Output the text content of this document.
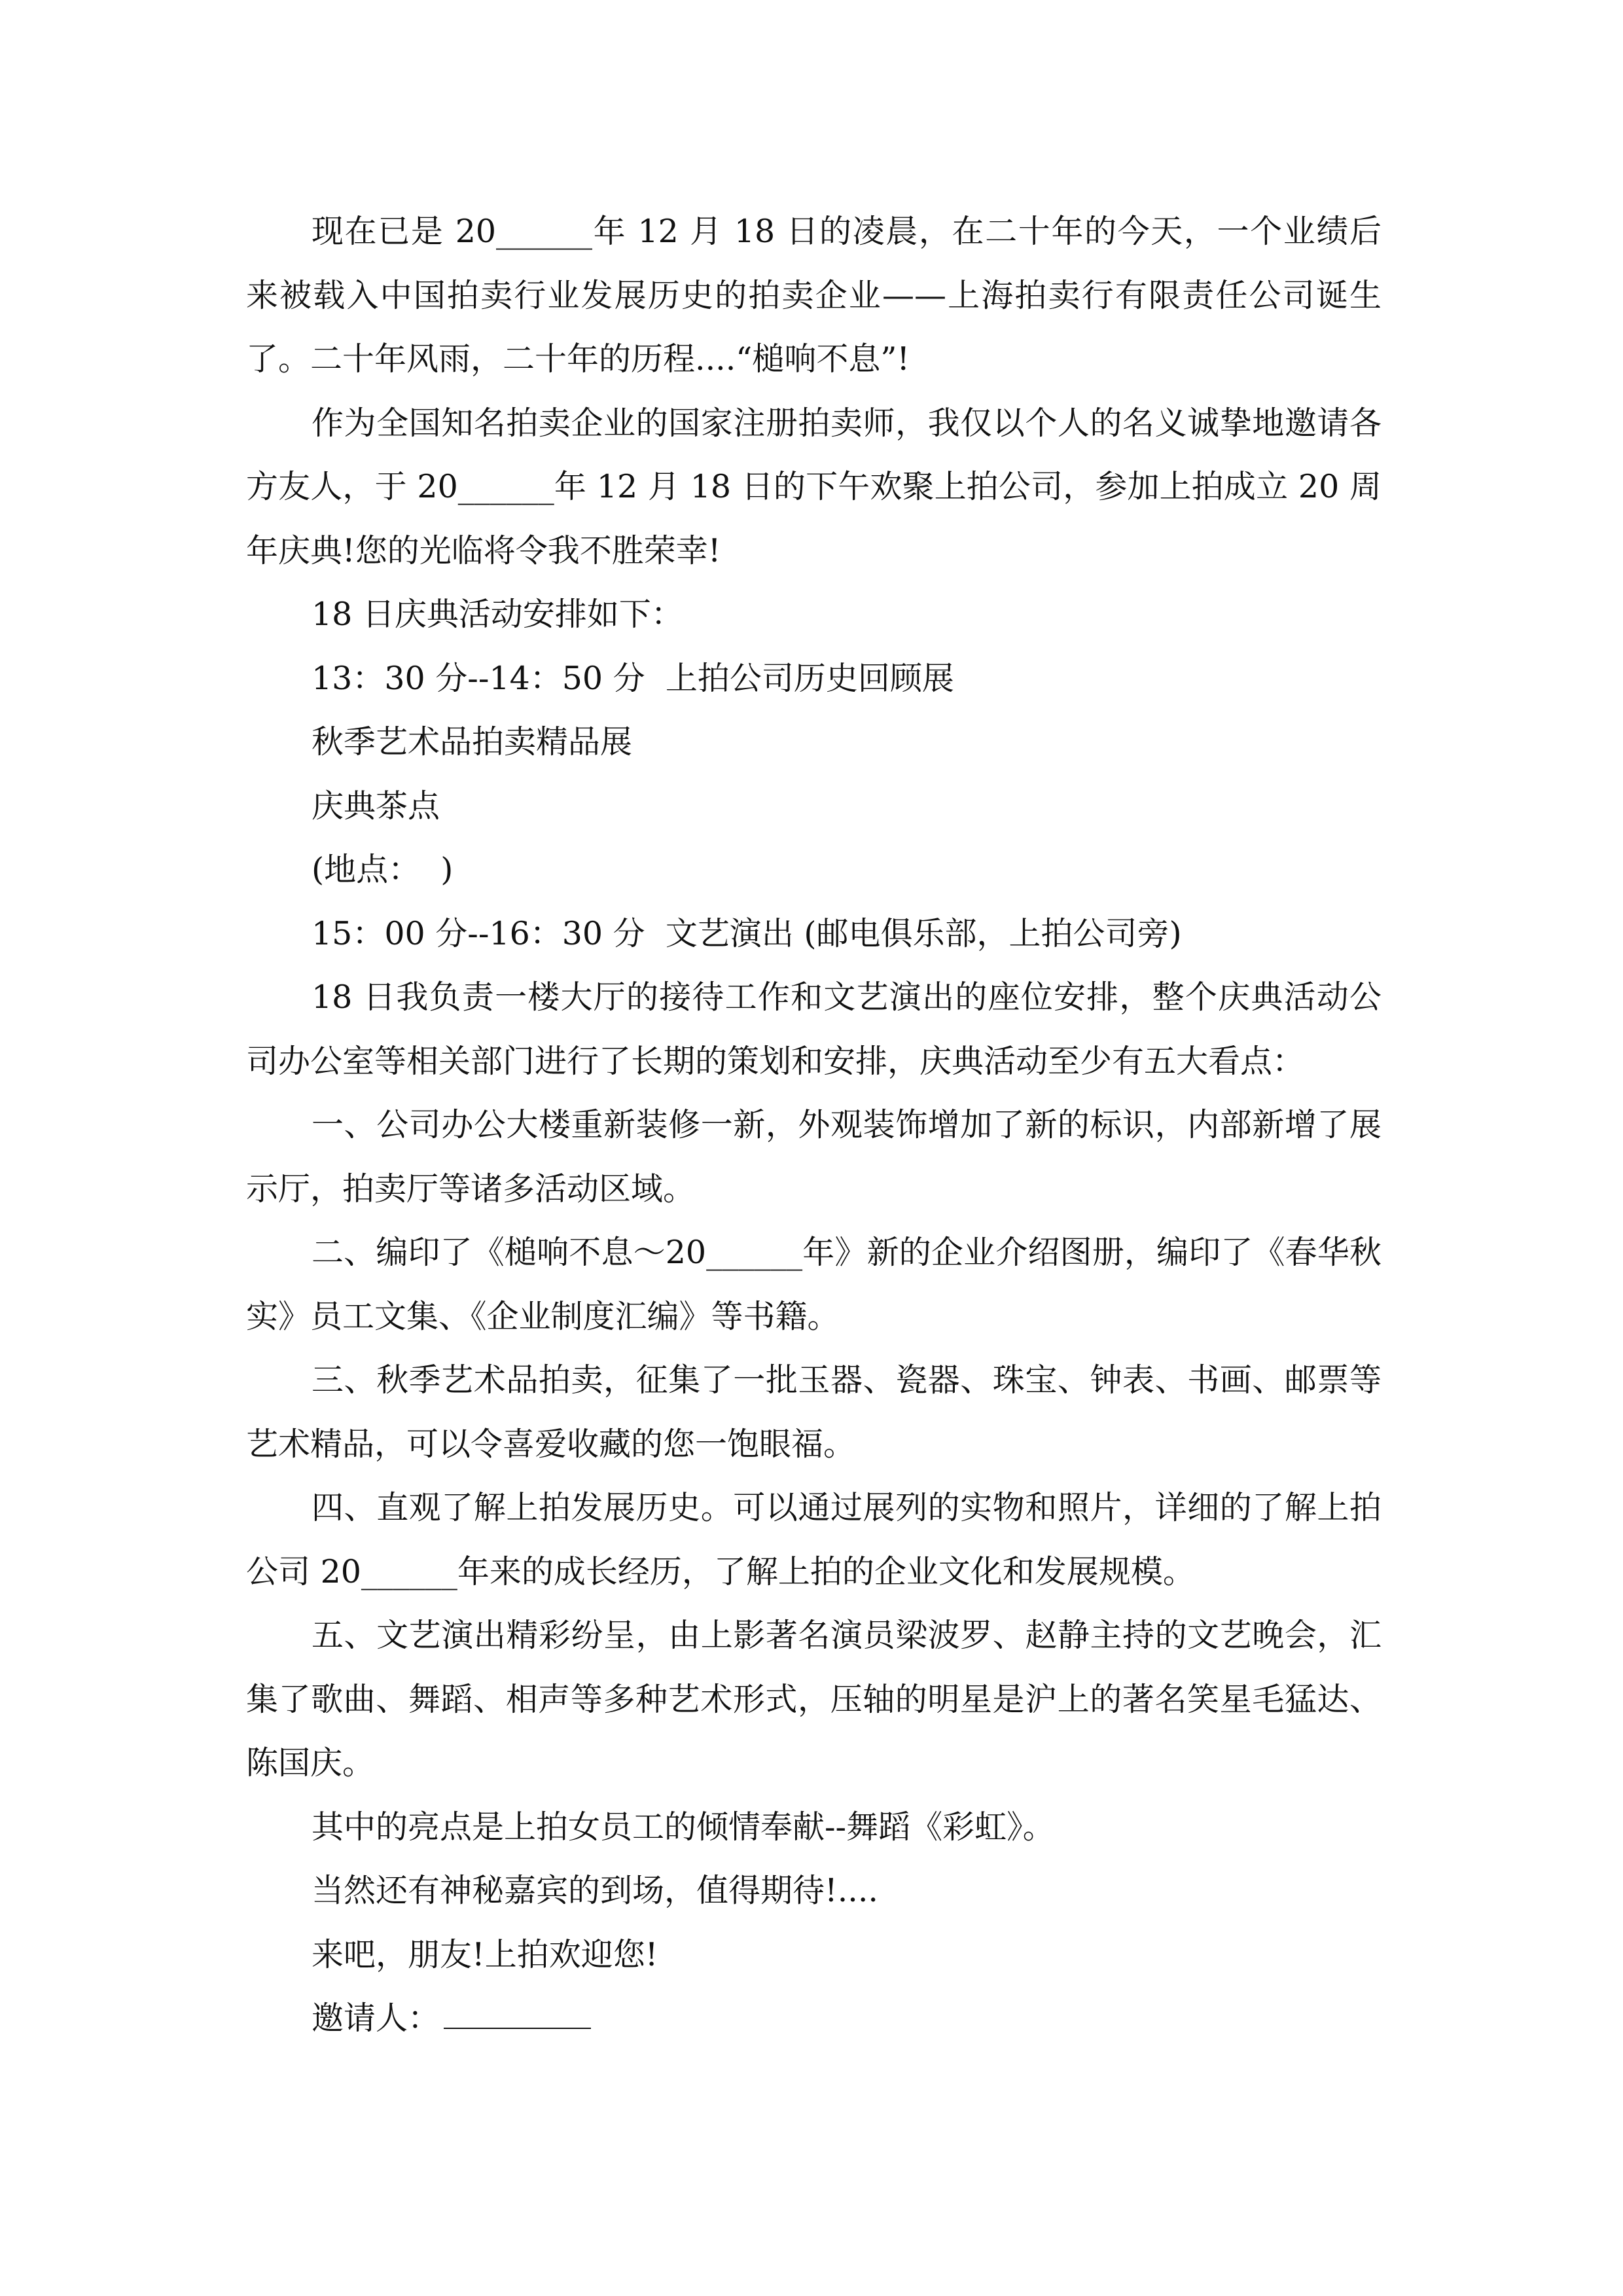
现在已是 20______年 12 月 18 日的凌晨，在二十年的今天，一个业绩后来被载入中国拍卖行业发展历史的拍卖企业——上海拍卖行有限责任公司诞生了。二十年风雨，二十年的历程....“槌响不息”!

作为全国知名拍卖企业的国家注册拍卖师，我仅以个人的名义诚挚地邀请各方友人，于 20______年 12 月 18 日的下午欢聚上拍公司，参加上拍成立 20 周年庆典!您的光临将令我不胜荣幸!

18 日庆典活动安排如下：

13：30 分--14：50 分  上拍公司历史回顾展

秋季艺术品拍卖精品展

庆典茶点

(地点：  )

15：00 分--16：30 分  文艺演出 (邮电俱乐部，上拍公司旁)

18 日我负责一楼大厅的接待工作和文艺演出的座位安排，整个庆典活动公司办公室等相关部门进行了长期的策划和安排，庆典活动至少有五大看点：

一、公司办公大楼重新装修一新，外观装饰增加了新的标识，内部新增了展示厅，拍卖厅等诸多活动区域。

二、编印了《槌响不息～20______年》新的企业介绍图册，编印了《春华秋实》员工文集、《企业制度汇编》等书籍。

三、秋季艺术品拍卖，征集了一批玉器、瓷器、珠宝、钟表、书画、邮票等艺术精品，可以令喜爱收藏的您一饱眼福。

四、直观了解上拍发展历史。可以通过展列的实物和照片，详细的了解上拍公司 20______年来的成长经历，了解上拍的企业文化和发展规模。

五、文艺演出精彩纷呈，由上影著名演员梁波罗、赵静主持的文艺晚会，汇集了歌曲、舞蹈、相声等多种艺术形式，压轴的明星是沪上的著名笑星毛猛达、陈国庆。

其中的亮点是上拍女员工的倾情奉献--舞蹈《彩虹》。

当然还有神秘嘉宾的到场，值得期待!....

来吧，朋友!上拍欢迎您!

邀请人：
